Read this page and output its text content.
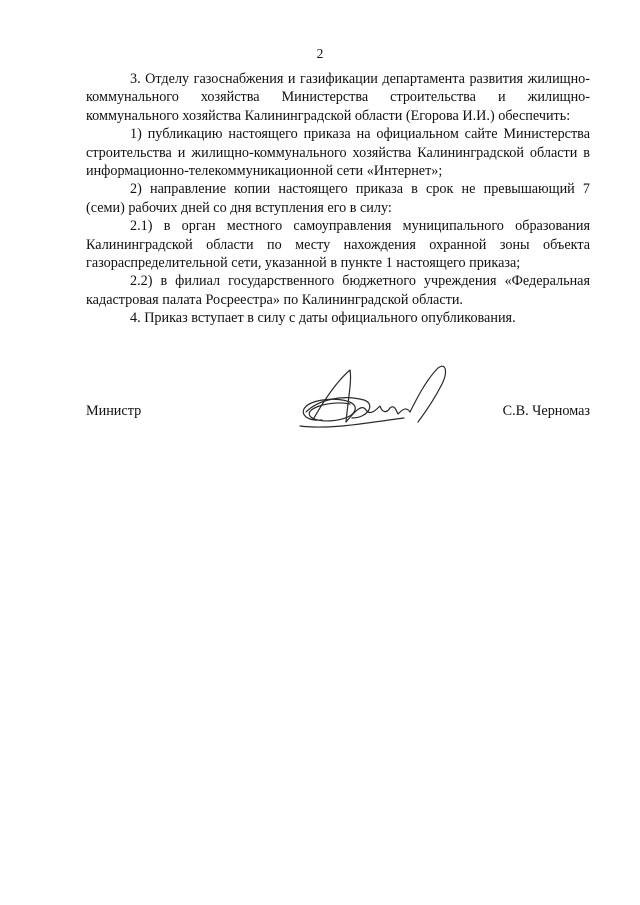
2

3. Отделу газоснабжения и газификации департамента развития жилищно-коммунального хозяйства Министерства строительства и жилищно-коммунального хозяйства Калининградской области (Егорова И.И.) обеспечить:

1) публикацию настоящего приказа на официальном сайте Министерства строительства и жилищно-коммунального хозяйства Калининградской области в информационно-телекоммуникационной сети «Интернет»;

2) направление копии настоящего приказа в срок не превышающий 7 (семи) рабочих дней со дня вступления его в силу:

2.1) в орган местного самоуправления муниципального образования Калининградской области по месту нахождения охранной зоны объекта газораспределительной сети, указанной в пункте 1 настоящего приказа;

2.2) в филиал государственного бюджетного учреждения «Федеральная кадастровая палата Росреестра» по Калининградской области.

4. Приказ вступает в силу с даты официального опубликования.

Министр	С.В. Черномаз
